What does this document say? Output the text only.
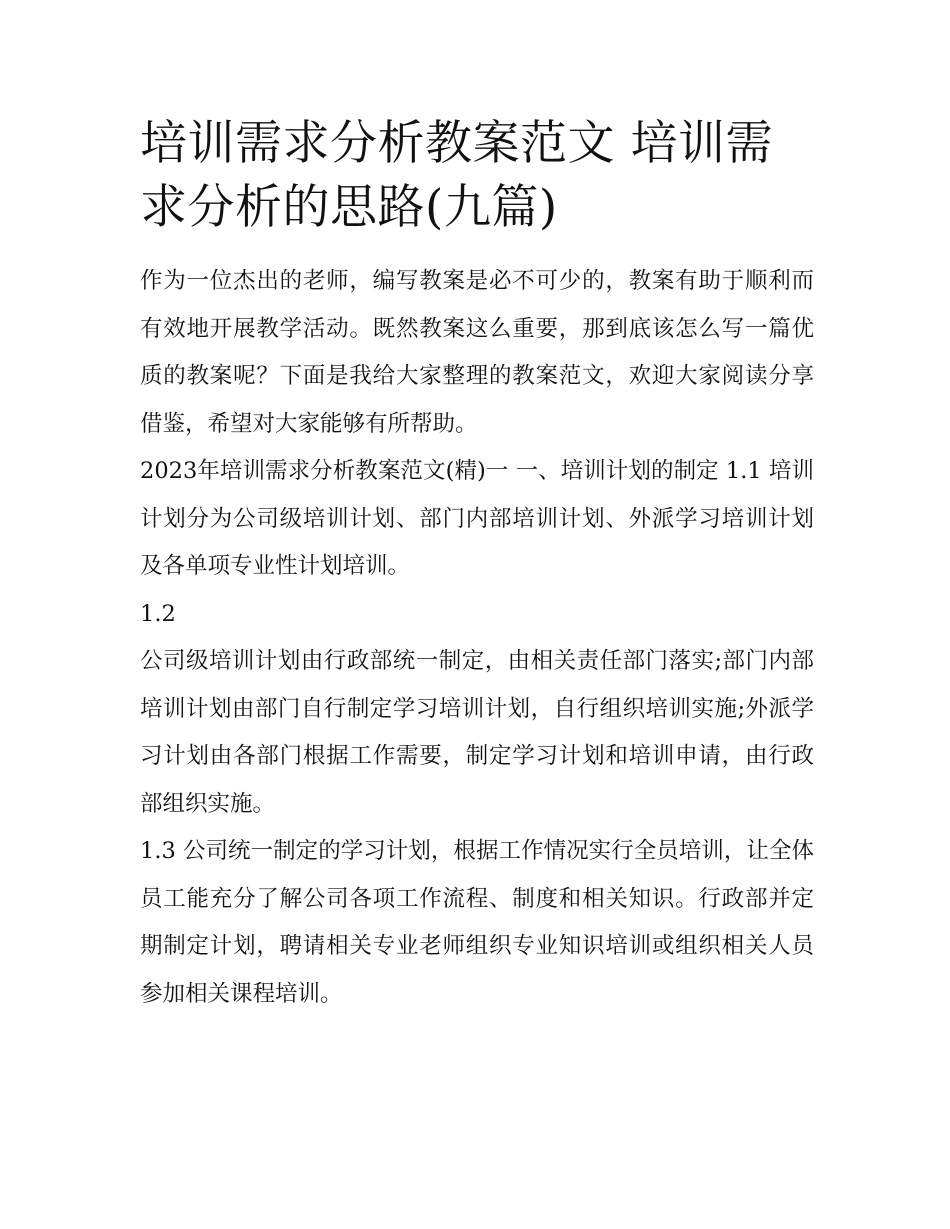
培训需求分析教案范文 培训需求分析的思路(九篇)

作为一位杰出的老师，编写教案是必不可少的，教案有助于顺利而有效地开展教学活动。既然教案这么重要，那到底该怎么写一篇优质的教案呢？下面是我给大家整理的教案范文，欢迎大家阅读分享借鉴，希望对大家能够有所帮助。

2023年培训需求分析教案范文(精)一 一、培训计划的制定 1.1 培训计划分为公司级培训计划、部门内部培训计划、外派学习培训计划及各单项专业性计划培训。

1.2

公司级培训计划由行政部统一制定，由相关责任部门落实;部门内部培训计划由部门自行制定学习培训计划，自行组织培训实施;外派学习计划由各部门根据工作需要，制定学习计划和培训申请，由行政部组织实施。

1.3 公司统一制定的学习计划，根据工作情况实行全员培训，让全体员工能充分了解公司各项工作流程、制度和相关知识。行政部并定期制定计划，聘请相关专业老师组织专业知识培训或组织相关人员参加相关课程培训。
